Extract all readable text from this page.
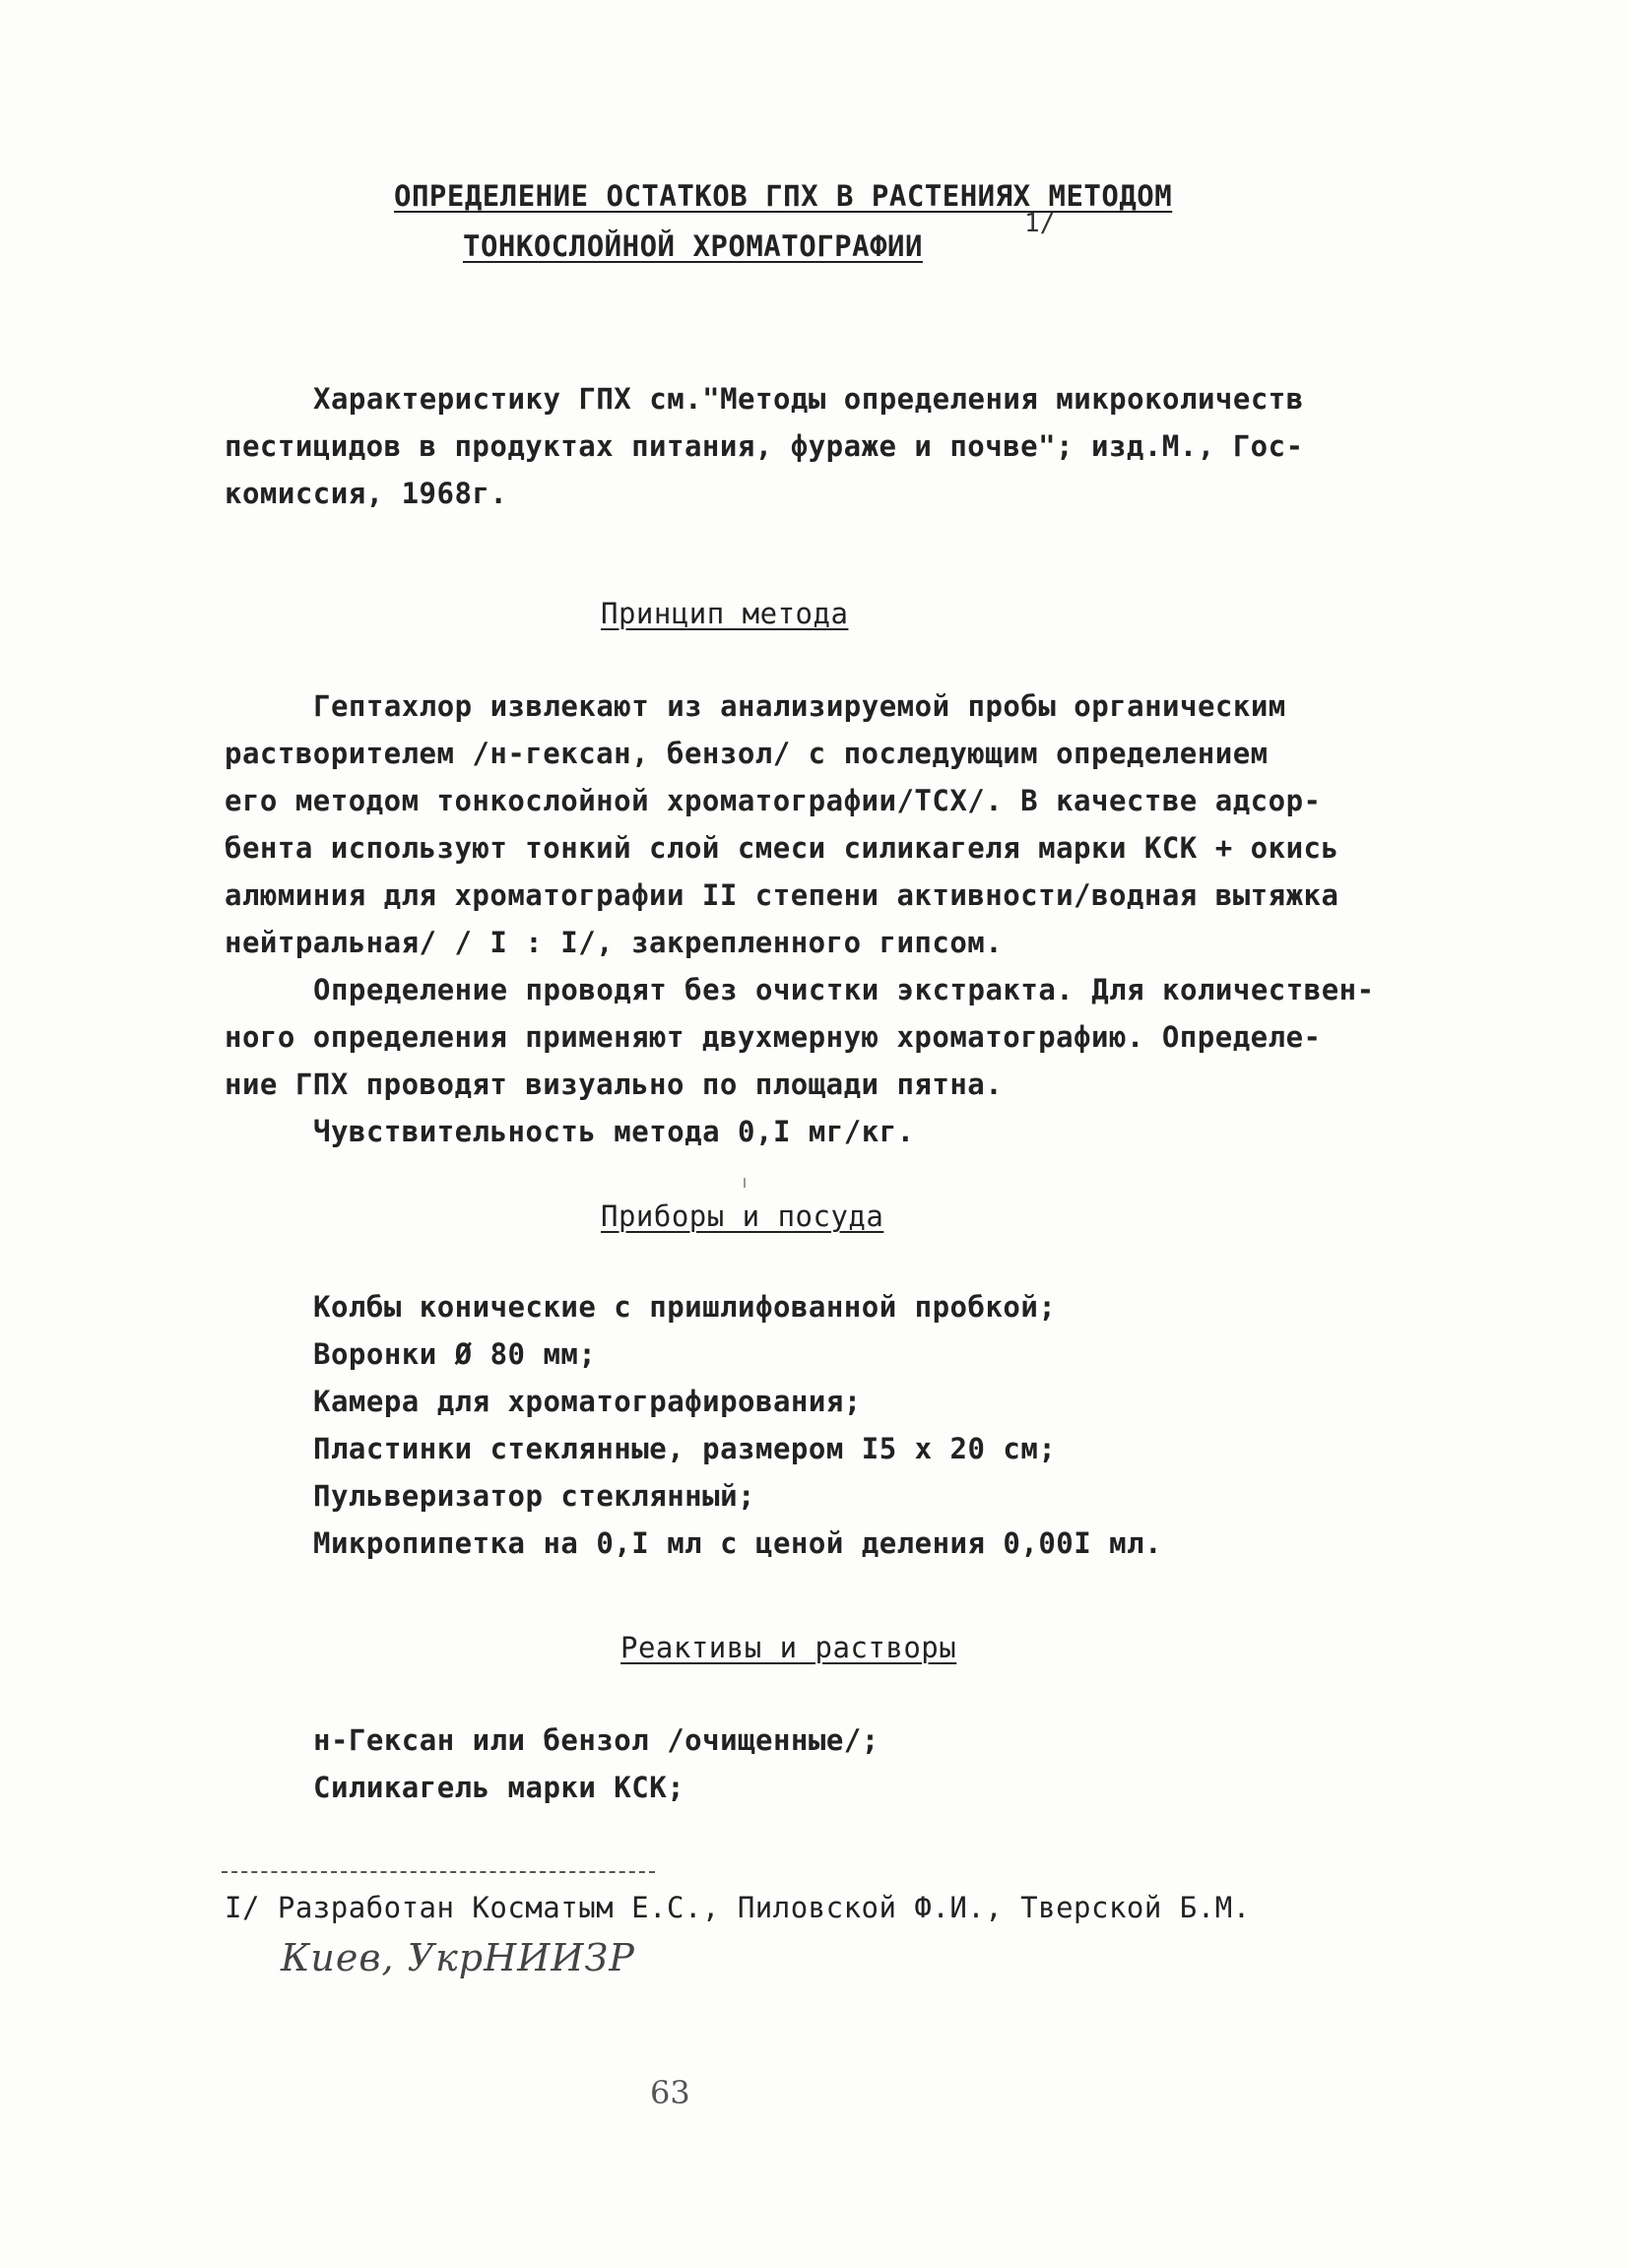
ОПРЕДЕЛЕНИЕ ОСТАТКОВ ГПХ В РАСТЕНИЯХ МЕТОДОМ

ТОНКОСЛОЙНОЙ ХРОМАТОГРАФИИ

1/

Характеристику ГПХ см."Методы определения микроколичеств

пестицидов в продуктах питания, фураже и почве"; изд.М., Гос-

комиссия, 1968г.

Принцип метода

Гептахлор извлекают из анализируемой пробы органическим

растворителем /н-гексан, бензол/ с последующим определением

его методом тонкослойной хроматографии/ТСХ/. В качестве адсор-

бента используют тонкий слой смеси силикагеля марки КСК + окись

алюминия для хроматографии II степени активности/водная вытяжка

нейтральная/ / I : I/, закрепленного гипсом.

Определение проводят без очистки экстракта. Для количествен-

ного определения применяют двухмерную хроматографию. Определе-

ние ГПХ проводят визуально по площади пятна.

Чувствительность метода 0,I мг/кг.

Приборы и посуда

Колбы конические с пришлифованной пробкой;

Воронки Ø 80 мм;

Камера для хроматографирования;

Пластинки стеклянные, размером I5 x 20 см;

Пульверизатор стеклянный;

Микропипетка на 0,I мл с ценой деления 0,00I мл.

Реактивы и растворы

н-Гексан или бензол /очищенные/;

Силикагель марки КСК;

I/ Разработан Косматым Е.С., Пиловской Ф.И., Тверской Б.М.

Киев, УкрНИИЗР

63
